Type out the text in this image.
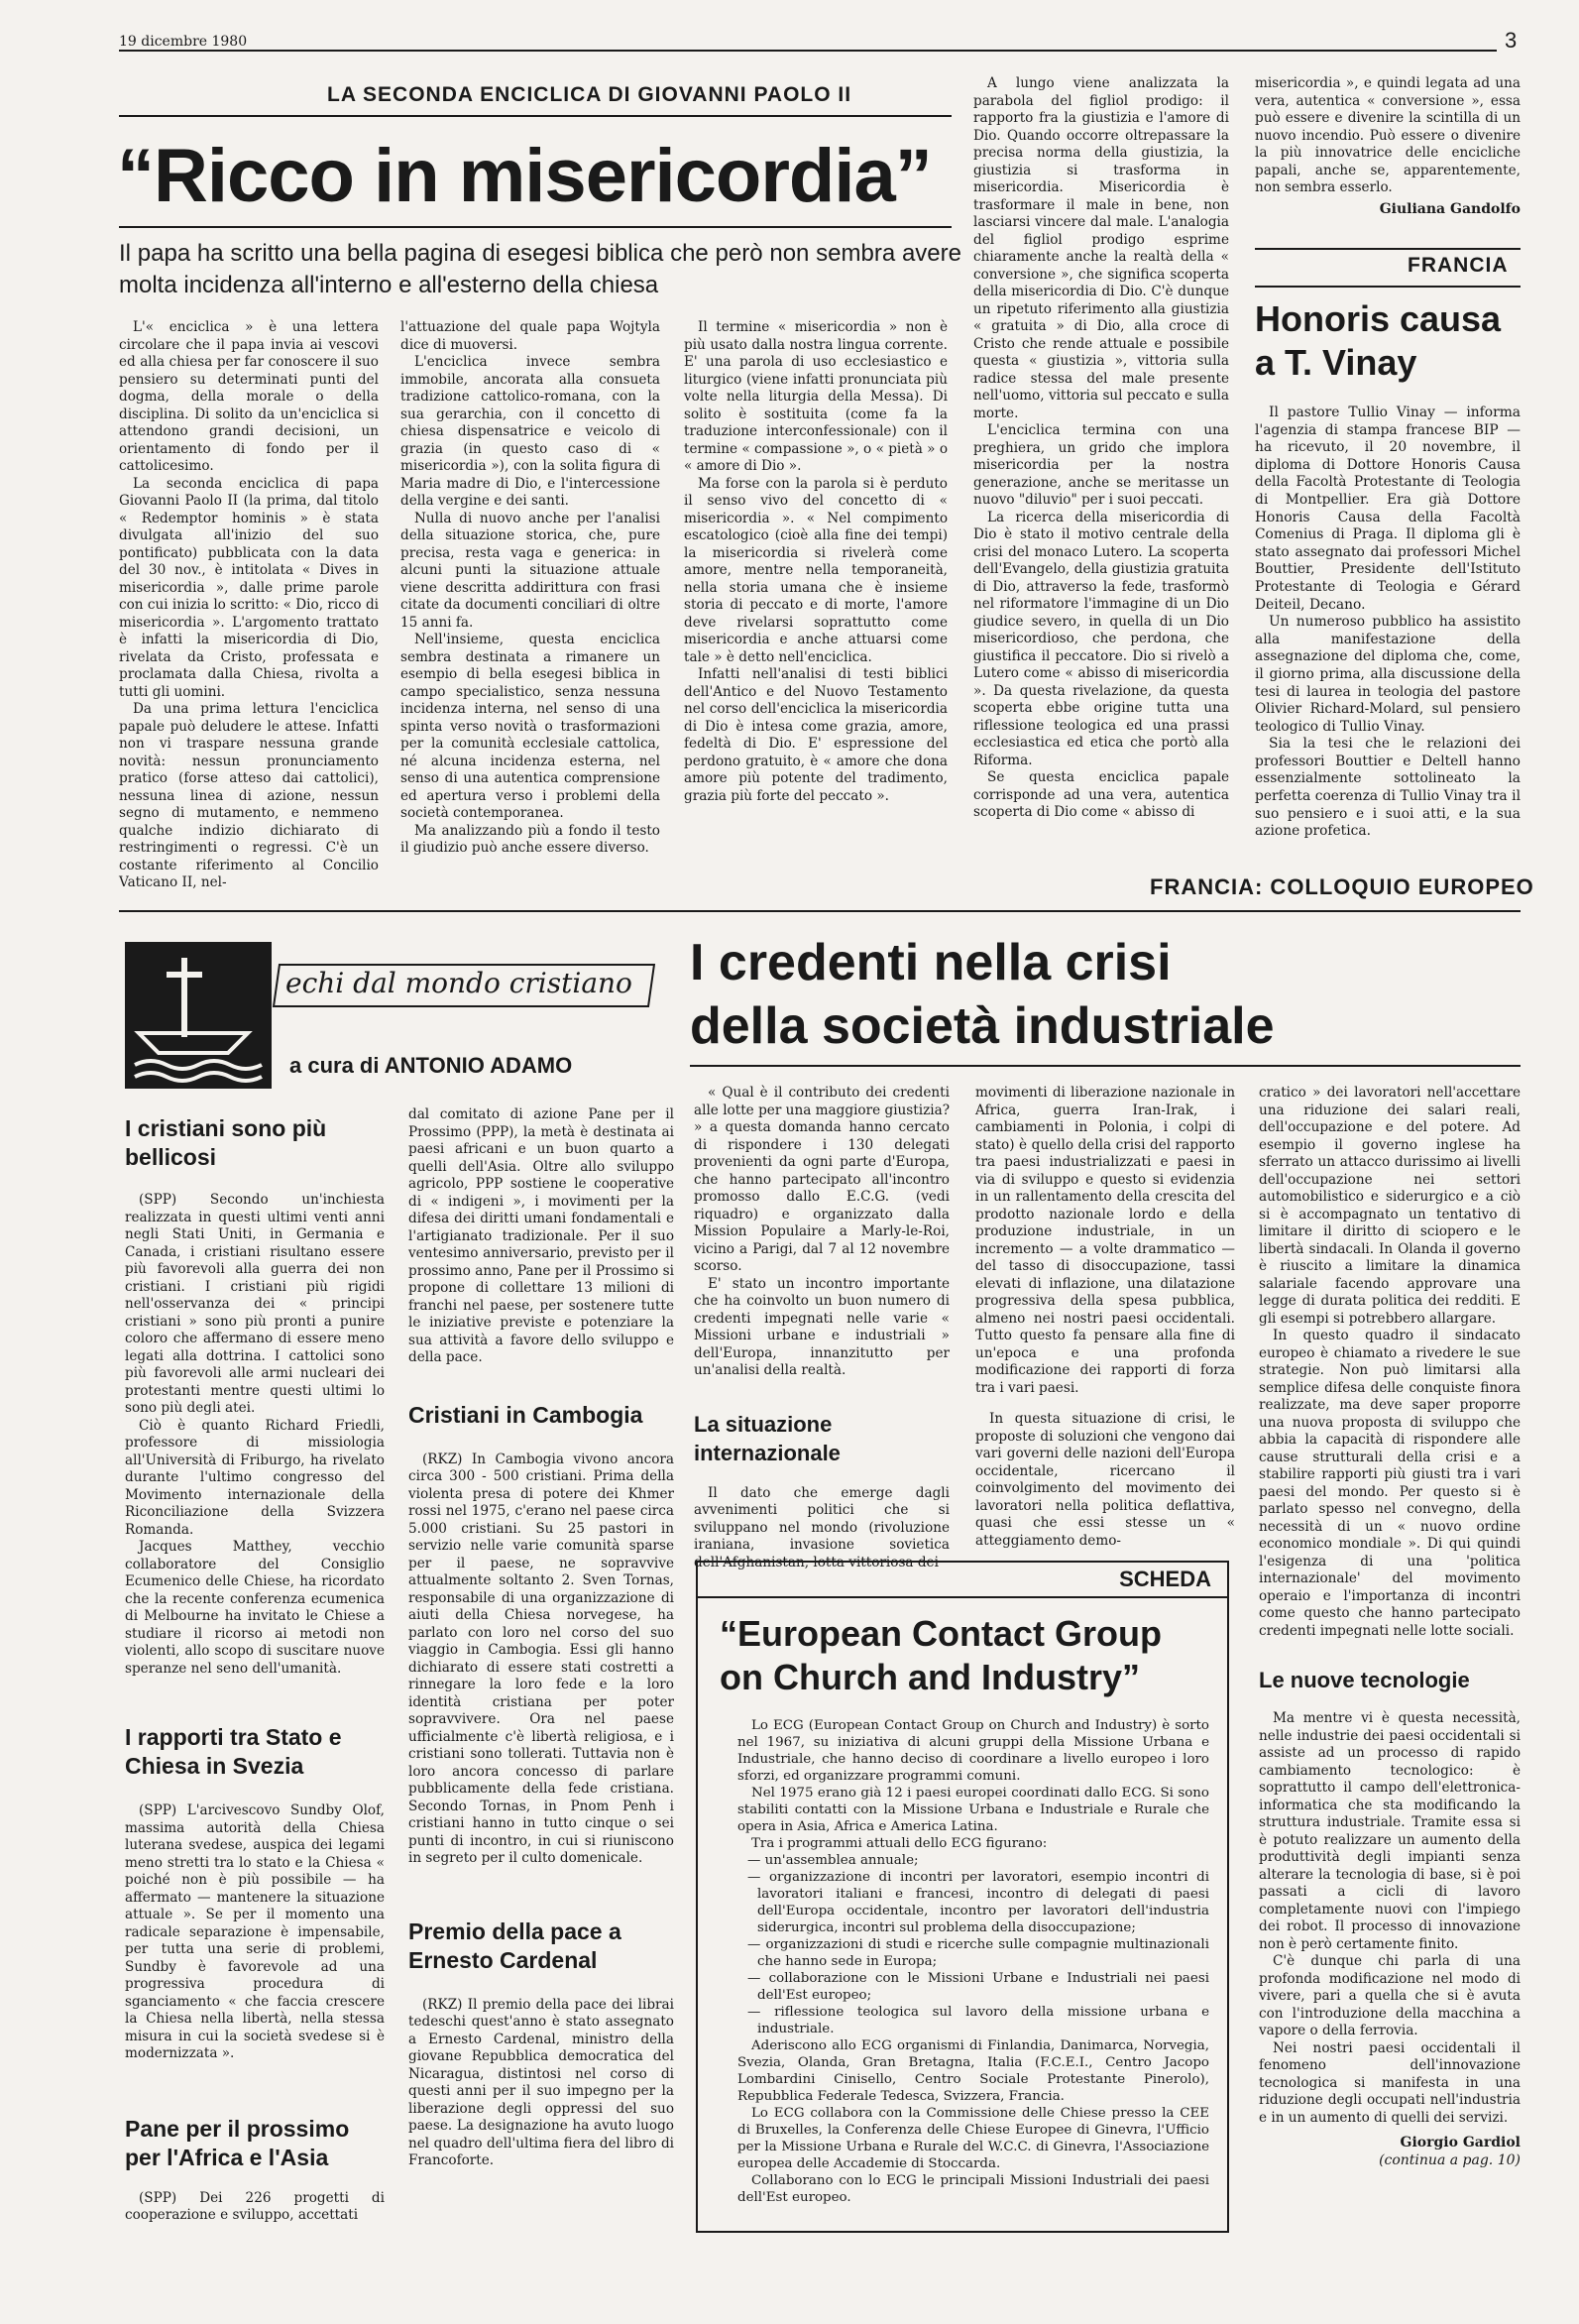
19 dicembre 1980	3
LA SECONDA ENCICLICA DI GIOVANNI PAOLO II
“Ricco in misericordia”
Il papa ha scritto una bella pagina di esegesi biblica che però non sembra avere molta incidenza all'interno e all'esterno della chiesa

L'« enciclica » è una lettera circolare che il papa invia ai vescovi ed alla chiesa per far conoscere il suo pensiero su determinati punti del dogma, della morale o della disciplina. Di solito da un'enciclica si attendono grandi decisioni, un orientamento di fondo per il cattolicesimo.

La seconda enciclica di papa Giovanni Paolo II (la prima, dal titolo « Redemptor hominis » è stata divulgata all'inizio del suo pontificato) pubblicata con la data del 30 nov., è intitolata « Dives in misericordia », dalle prime parole con cui inizia lo scritto: « Dio, ricco di misericordia ». L'argomento trattato è infatti la misericordia di Dio, rivelata da Cristo, professata e proclamata dalla Chiesa, rivolta a tutti gli uomini.

Da una prima lettura l'enciclica papale può deludere le attese. Infatti non vi traspare nessuna grande novità: nessun pronunciamento pratico (forse atteso dai cattolici), nessuna linea di azione, nessun segno di mutamento, e nemmeno qualche indizio dichiarato di restringimenti o regressi. C'è un costante riferimento al Concilio Vaticano II, nel-

l'attuazione del quale papa Wojtyla dice di muoversi.

L'enciclica invece sembra immobile, ancorata alla consueta tradizione cattolico-romana, con la sua gerarchia, con il concetto di chiesa dispensatrice e veicolo di grazia (in questo caso di « misericordia »), con la solita figura di Maria madre di Dio, e l'intercessione della vergine e dei santi.

Nulla di nuovo anche per l'analisi della situazione storica, che, pure precisa, resta vaga e generica: in alcuni punti la situazione attuale viene descritta addirittura con frasi citate da documenti conciliari di oltre 15 anni fa.

Nell'insieme, questa enciclica sembra destinata a rimanere un esempio di bella esegesi biblica in campo specialistico, senza nessuna incidenza interna, nel senso di una spinta verso novità o trasformazioni per la comunità ecclesiale cattolica, né alcuna incidenza esterna, nel senso di una autentica comprensione ed apertura verso i problemi della società contemporanea.

Ma analizzando più a fondo il testo il giudizio può anche essere diverso.

Il termine « misericordia » non è più usato dalla nostra lingua corrente. E' una parola di uso ecclesiastico e liturgico (viene infatti pronunciata più volte nella liturgia della Messa). Di solito è sostituita (come fa la traduzione interconfessionale) con il termine « compassione », o « pietà » o « amore di Dio ».

Ma forse con la parola si è perduto il senso vivo del concetto di « misericordia ». « Nel compimento escatologico (cioè alla fine dei tempi) la misericordia si rivelerà come amore, mentre nella temporaneità, nella storia umana che è insieme storia di peccato e di morte, l'amore deve rivelarsi soprattutto come misericordia e anche attuarsi come tale » è detto nell'enciclica.

Infatti nell'analisi di testi biblici dell'Antico e del Nuovo Testamento nel corso dell'enciclica la misericordia di Dio è intesa come grazia, amore, fedeltà di Dio. E' espressione del perdono gratuito, è « amore che dona amore più potente del tradimento, grazia più forte del peccato ».

A lungo viene analizzata la parabola del figliol prodigo: il rapporto fra la giustizia e l'amore di Dio. Quando occorre oltrepassare la precisa norma della giustizia, la giustizia si trasforma in misericordia. Misericordia è trasformare il male in bene, non lasciarsi vincere dal male. L'analogia del figliol prodigo esprime chiaramente anche la realtà della « conversione », che significa scoperta della misericordia di Dio. C'è dunque un ripetuto riferimento alla giustizia « gratuita » di Dio, alla croce di Cristo che rende attuale e possibile questa « giustizia », vittoria sulla radice stessa del male presente nell'uomo, vittoria sul peccato e sulla morte.

L'enciclica termina con una preghiera, un grido che implora misericordia per la nostra generazione, anche se meritasse un nuovo "diluvio" per i suoi peccati.

La ricerca della misericordia di Dio è stato il motivo centrale della crisi del monaco Lutero. La scoperta dell'Evangelo, della giustizia gratuita di Dio, attraverso la fede, trasformò nel riformatore l'immagine di un Dio giudice severo, in quella di un Dio misericordioso, che perdona, che giustifica il peccatore. Dio si rivelò a Lutero come « abisso di misericordia ». Da questa rivelazione, da questa scoperta ebbe origine tutta una riflessione teologica ed una prassi ecclesiastica ed etica che portò alla Riforma.

Se questa enciclica papale corrisponde ad una vera, autentica scoperta di Dio come « abisso di

misericordia », e quindi legata ad una vera, autentica « conversione », essa può essere e divenire la scintilla di un nuovo incendio. Può essere o divenire la più innovatrice delle encicliche papali, anche se, apparentemente, non sembra esserlo.

Giuliana Gandolfo
FRANCIA
Honoris causa a T. Vinay

Il pastore Tullio Vinay — informa l'agenzia di stampa francese BIP — ha ricevuto, il 20 novembre, il diploma di Dottore Honoris Causa della Facoltà Protestante di Teologia di Montpellier. Era già Dottore Honoris Causa della Facoltà Comenius di Praga. Il diploma gli è stato assegnato dai professori Michel Bouttier, Presidente dell'Istituto Protestante di Teologia e Gérard Deiteil, Decano.

Un numeroso pubblico ha assistito alla manifestazione della assegnazione del diploma che, come, il giorno prima, alla discussione della tesi di laurea in teologia del pastore Olivier Richard-Molard, sul pensiero teologico di Tullio Vinay.

Sia la tesi che le relazioni dei professori Bouttier e Deltell hanno essenzialmente sottolineato la perfetta coerenza di Tullio Vinay tra il suo pensiero e i suoi atti, e la sua azione profetica.

echi dal mondo cristiano
a cura di ANTONIO ADAMO
I cristiani sono più bellicosi

(SPP) Secondo un'inchiesta realizzata in questi ultimi venti anni negli Stati Uniti, in Germania e Canada, i cristiani risultano essere più favorevoli alla guerra dei non cristiani. I cristiani più rigidi nell'osservanza dei « principi cristiani » sono più pronti a punire coloro che affermano di essere meno legati alla dottrina. I cattolici sono più favorevoli alle armi nucleari dei protestanti mentre questi ultimi lo sono più degli atei.

Ciò è quanto Richard Friedli, professore di missiologia all'Università di Friburgo, ha rivelato durante l'ultimo congresso del Movimento internazionale della Riconciliazione della Svizzera Romanda.

Jacques Matthey, vecchio collaboratore del Consiglio Ecumenico delle Chiese, ha ricordato che la recente conferenza ecumenica di Melbourne ha invitato le Chiese a studiare il ricorso ai metodi non violenti, allo scopo di suscitare nuove speranze nel seno dell'umanità.

I rapporti tra Stato e Chiesa in Svezia

(SPP) L'arcivescovo Sundby Olof, massima autorità della Chiesa luterana svedese, auspica dei legami meno stretti tra lo stato e la Chiesa « poiché non è più possibile — ha affermato — mantenere la situazione attuale ». Se per il momento una radicale separazione è impensabile, per tutta una serie di problemi, Sundby è favorevole ad una progressiva procedura di sganciamento « che faccia crescere la Chiesa nella libertà, nella stessa misura in cui la società svedese si è modernizzata ».

Pane per il prossimo per l'Africa e l'Asia

(SPP) Dei 226 progetti di cooperazione e sviluppo, accettati

dal comitato di azione Pane per il Prossimo (PPP), la metà è destinata ai paesi africani e un buon quarto a quelli dell'Asia. Oltre allo sviluppo agricolo, PPP sostiene le cooperative di « indigeni », i movimenti per la difesa dei diritti umani fondamentali e l'artigianato tradizionale. Per il suo ventesimo anniversario, previsto per il prossimo anno, Pane per il Prossimo si propone di collettare 13 milioni di franchi nel paese, per sostenere tutte le iniziative previste e potenziare la sua attività a favore dello sviluppo e della pace.

Cristiani in Cambogia

(RKZ) In Cambogia vivono ancora circa 300 - 500 cristiani. Prima della violenta presa di potere dei Khmer rossi nel 1975, c'erano nel paese circa 5.000 cristiani. Su 25 pastori in servizio nelle varie comunità sparse per il paese, ne sopravvive attualmente soltanto 2. Sven Tornas, responsabile di una organizzazione di aiuti della Chiesa norvegese, ha parlato con loro nel corso del suo viaggio in Cambogia. Essi gli hanno dichiarato di essere stati costretti a rinnegare la loro fede e la loro identità cristiana per poter sopravvivere. Ora nel paese ufficialmente c'è libertà religiosa, e i cristiani sono tollerati. Tuttavia non è loro ancora concesso di parlare pubblicamente della fede cristiana. Secondo Tornas, in Pnom Penh i cristiani hanno in tutto cinque o sei punti di incontro, in cui si riuniscono in segreto per il culto domenicale.

Premio della pace a Ernesto Cardenal

(RKZ) Il premio della pace dei librai tedeschi quest'anno è stato assegnato a Ernesto Cardenal, ministro della giovane Repubblica democratica del Nicaragua, distintosi nel corso di questi anni per il suo impegno per la liberazione degli oppressi del suo paese. La designazione ha avuto luogo nel quadro dell'ultima fiera del libro di Francoforte.

FRANCIA: COLLOQUIO EUROPEO
I credenti nella crisi
della società industriale

« Qual è il contributo dei credenti alle lotte per una maggiore giustizia? » a questa domanda hanno cercato di rispondere i 130 delegati provenienti da ogni parte d'Europa, che hanno partecipato all'incontro promosso dallo E.C.G. (vedi riquadro) e organizzato dalla Mission Populaire a Marly-le-Roi, vicino a Parigi, dal 7 al 12 novembre scorso.

E' stato un incontro importante che ha coinvolto un buon numero di credenti impegnati nelle varie « Missioni urbane e industriali » dell'Europa, innanzitutto per un'analisi della realtà.

La situazione internazionale

Il dato che emerge dagli avvenimenti politici che si sviluppano nel mondo (rivoluzione iraniana, invasione sovietica dell'Afghanistan, lotta vittoriosa dei

movimenti di liberazione nazionale in Africa, guerra Iran-Irak, i cambiamenti in Polonia, i colpi di stato) è quello della crisi del rapporto tra paesi industrializzati e paesi in via di sviluppo e questo si evidenzia in un rallentamento della crescita del prodotto nazionale lordo e della produzione industriale, in un incremento — a volte drammatico — del tasso di disoccupazione, tassi elevati di inflazione, una dilatazione progressiva della spesa pubblica, almeno nei nostri paesi occidentali. Tutto questo fa pensare alla fine di un'epoca e una profonda modificazione dei rapporti di forza tra i vari paesi.

In questa situazione di crisi, le proposte di soluzioni che vengono dai vari governi delle nazioni dell'Europa occidentale, ricercano il coinvolgimento del movimento dei lavoratori nella politica deflattiva, quasi che essi stesse un « atteggiamento demo-

cratico » dei lavoratori nell'accettare una riduzione dei salari reali, dell'occupazione e del potere. Ad esempio il governo inglese ha sferrato un attacco durissimo ai livelli dell'occupazione nei settori automobilistico e siderurgico e a ciò si è accompagnato un tentativo di limitare il diritto di sciopero e le libertà sindacali. In Olanda il governo è riuscito a limitare la dinamica salariale facendo approvare una legge di durata politica dei redditi. E gli esempi si potrebbero allargare.

In questo quadro il sindacato europeo è chiamato a rivedere le sue strategie. Non può limitarsi alla semplice difesa delle conquiste finora realizzate, ma deve saper proporre una nuova proposta di sviluppo che abbia la capacità di rispondere alle cause strutturali della crisi e a stabilire rapporti più giusti tra i vari paesi del mondo. Per questo si è parlato spesso nel convegno, della necessità di un « nuovo ordine economico mondiale ». Di qui quindi l'esigenza di una 'politica internazionale' del movimento operaio e l'importanza di incontri come questo che hanno partecipato credenti impegnati nelle lotte sociali.

Le nuove tecnologie

Ma mentre vi è questa necessità, nelle industrie dei paesi occidentali si assiste ad un processo di rapido cambiamento tecnologico: è soprattutto il campo dell'elettronica-informatica che sta modificando la struttura industriale. Tramite essa si è potuto realizzare un aumento della produttività degli impianti senza alterare la tecnologia di base, si è poi passati a cicli di lavoro completamente nuovi con l'impiego dei robot. Il processo di innovazione non è però certamente finito.

C'è dunque chi parla di una profonda modificazione nel modo di vivere, pari a quella che si è avuta con l'introduzione della macchina a vapore o della ferrovia.

Nei nostri paesi occidentali il fenomeno dell'innovazione tecnologica si manifesta in una riduzione degli occupati nell'industria e in un aumento di quelli dei servizi.

Giorgio Gardiol
(continua a pag. 10)
SCHEDA
“European Contact Group on Church and Industry”

Lo ECG (European Contact Group on Church and Industry) è sorto nel 1967, su iniziativa di alcuni gruppi della Missione Urbana e Industriale, che hanno deciso di coordinare a livello europeo i loro sforzi, ed organizzare programmi comuni.

Nel 1975 erano già 12 i paesi europei coordinati dallo ECG. Si sono stabiliti contatti con la Missione Urbana e Industriale e Rurale che opera in Asia, Africa e America Latina.

Tra i programmi attuali dello ECG figurano:

— un'assemblea annuale;
— organizzazione di incontri per lavoratori, esempio incontri di lavoratori italiani e francesi, incontro di delegati di paesi dell'Europa occidentale, incontro per lavoratori dell'industria siderurgica, incontri sul problema della disoccupazione;
— organizzazioni di studi e ricerche sulle compagnie multinazionali che hanno sede in Europa;
— collaborazione con le Missioni Urbane e Industriali nei paesi dell'Est europeo;
— riflessione teologica sul lavoro della missione urbana e industriale.

Aderiscono allo ECG organismi di Finlandia, Danimarca, Norvegia, Svezia, Olanda, Gran Bretagna, Italia (F.C.E.I., Centro Jacopo Lombardini Cinisello, Centro Sociale Protestante Pinerolo), Repubblica Federale Tedesca, Svizzera, Francia.

Lo ECG collabora con la Commissione delle Chiese presso la CEE di Bruxelles, la Conferenza delle Chiese Europee di Ginevra, l'Ufficio per la Missione Urbana e Rurale del W.C.C. di Ginevra, l'Associazione europea delle Accademie di Stoccarda.

Collaborano con lo ECG le principali Missioni Industriali dei paesi dell'Est europeo.
